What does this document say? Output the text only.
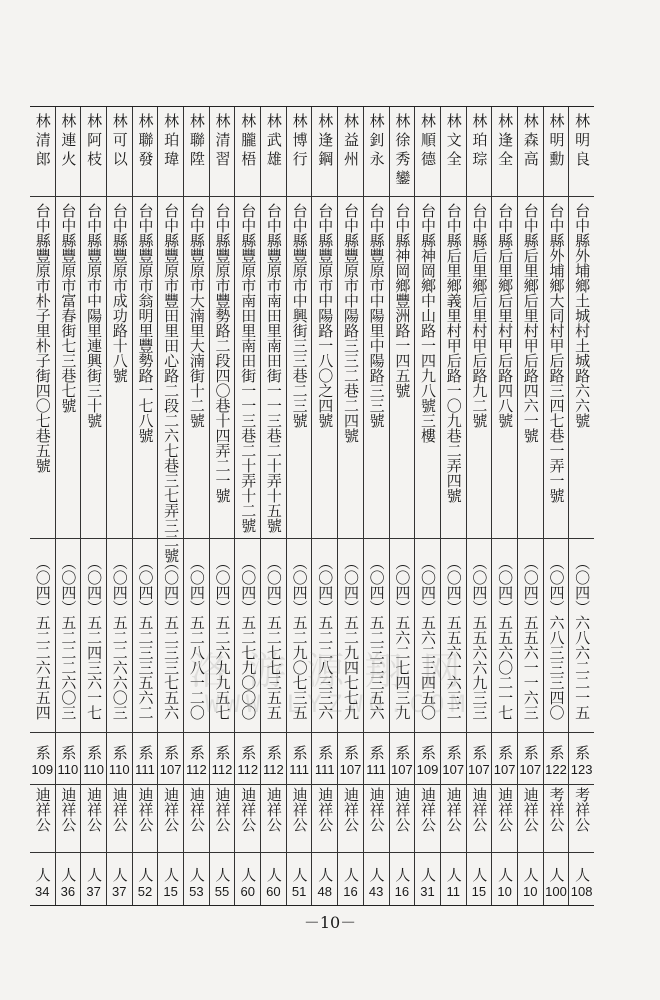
林明良
台中縣外埔鄉土城村土城路六六號
（〇四）六八六二二一五
系
123
考祥公
人
108
林明勳
台中縣外埔鄉大同村甲后路三四七巷一弄一號
（〇四）六八三三三四〇
系
122
考祥公
人
100
林森高
台中縣后里鄉后里村甲后路四六一號
（〇四）五五六一一六三
系
107
迪祥公
人
10
林逢全
台中縣后里鄉后里村甲后路四八號
（〇四）五五六〇二一七
系
107
迪祥公
人
10
林珀琮
台中縣后里鄉后里村甲后路九二號
（〇四）五五六六九三三
系
107
迪祥公
人
15
林文全
台中縣后里鄉義里村甲后路一〇九巷二弄四號
（〇四）五五六一六三二
系
107
迪祥公
人
11
林順德
台中縣神岡鄉中山路一四九八號三樓
（〇四）五六二三四五〇
系
109
迪祥公
人
31
林徐秀鑾
台中縣神岡鄉豐洲路一四五號
（〇四）五六二七四三九
系
107
迪祥公
人
16
林釗永
台中縣豐原市中陽里中陽路三三號
（〇四）五二三二三五六
系
111
迪祥公
人
43
林益州
台中縣豐原市中陽路三三二巷二四號
（〇四）五二九四七七九
系
107
迪祥公
人
16
林逢鋼
台中縣豐原市中陽路一八〇之四號
（〇四）五二二八三三六
系
111
迪祥公
人
48
林博行
台中縣豐原市中興街三三巷二三號
（〇四）五二九〇七三五
系
111
迪祥公
人
51
林武雄
台中縣豐原市南田里南田街一一三巷二十弄十五號
（〇四）五二七七三五五
系
112
迪祥公
人
60
林朧梧
台中縣豐原市南田里南田街一一三巷二十弄十二號
（〇四）五二七九〇〇〇
系
112
迪祥公
人
60
林清習
台中縣豐原市豐勢路二段四〇巷十四弄二一號
（〇四）五二六九九五七
系
112
迪祥公
人
55
林聯陞
台中縣豐原市大湳里大湳街十二號
（〇四）五二八八一二〇
系
112
迪祥公
人
53
林珀瑋
台中縣豐原市豐田里田心路二段二六七巷三七弄三二號
（〇四）五二三三七五六
系
107
迪祥公
人
15
林聯發
台中縣豐原市翁明里豐勢路一七八號
（〇四）五二三三五六二
系
111
迪祥公
人
52
林可以
台中縣豐原市成功路十八號
（〇四）五二二六六〇三
系
110
迪祥公
人
37
林阿枝
台中縣豐原市中陽里連興街三十號
（〇四）五二四三六一七
系
110
迪祥公
人
37
林連火
台中縣豐原市富春街七三巷七號
（〇四）五二二二六〇三
系
110
迪祥公
人
36
林清郎
台中縣豐原市朴子里朴子街四〇七巷五號
（〇四）五二二六五五四
系
109
迪祥公
人
34
洛 游 源 翔 网
WWW.LYZWG.COM
－10－
